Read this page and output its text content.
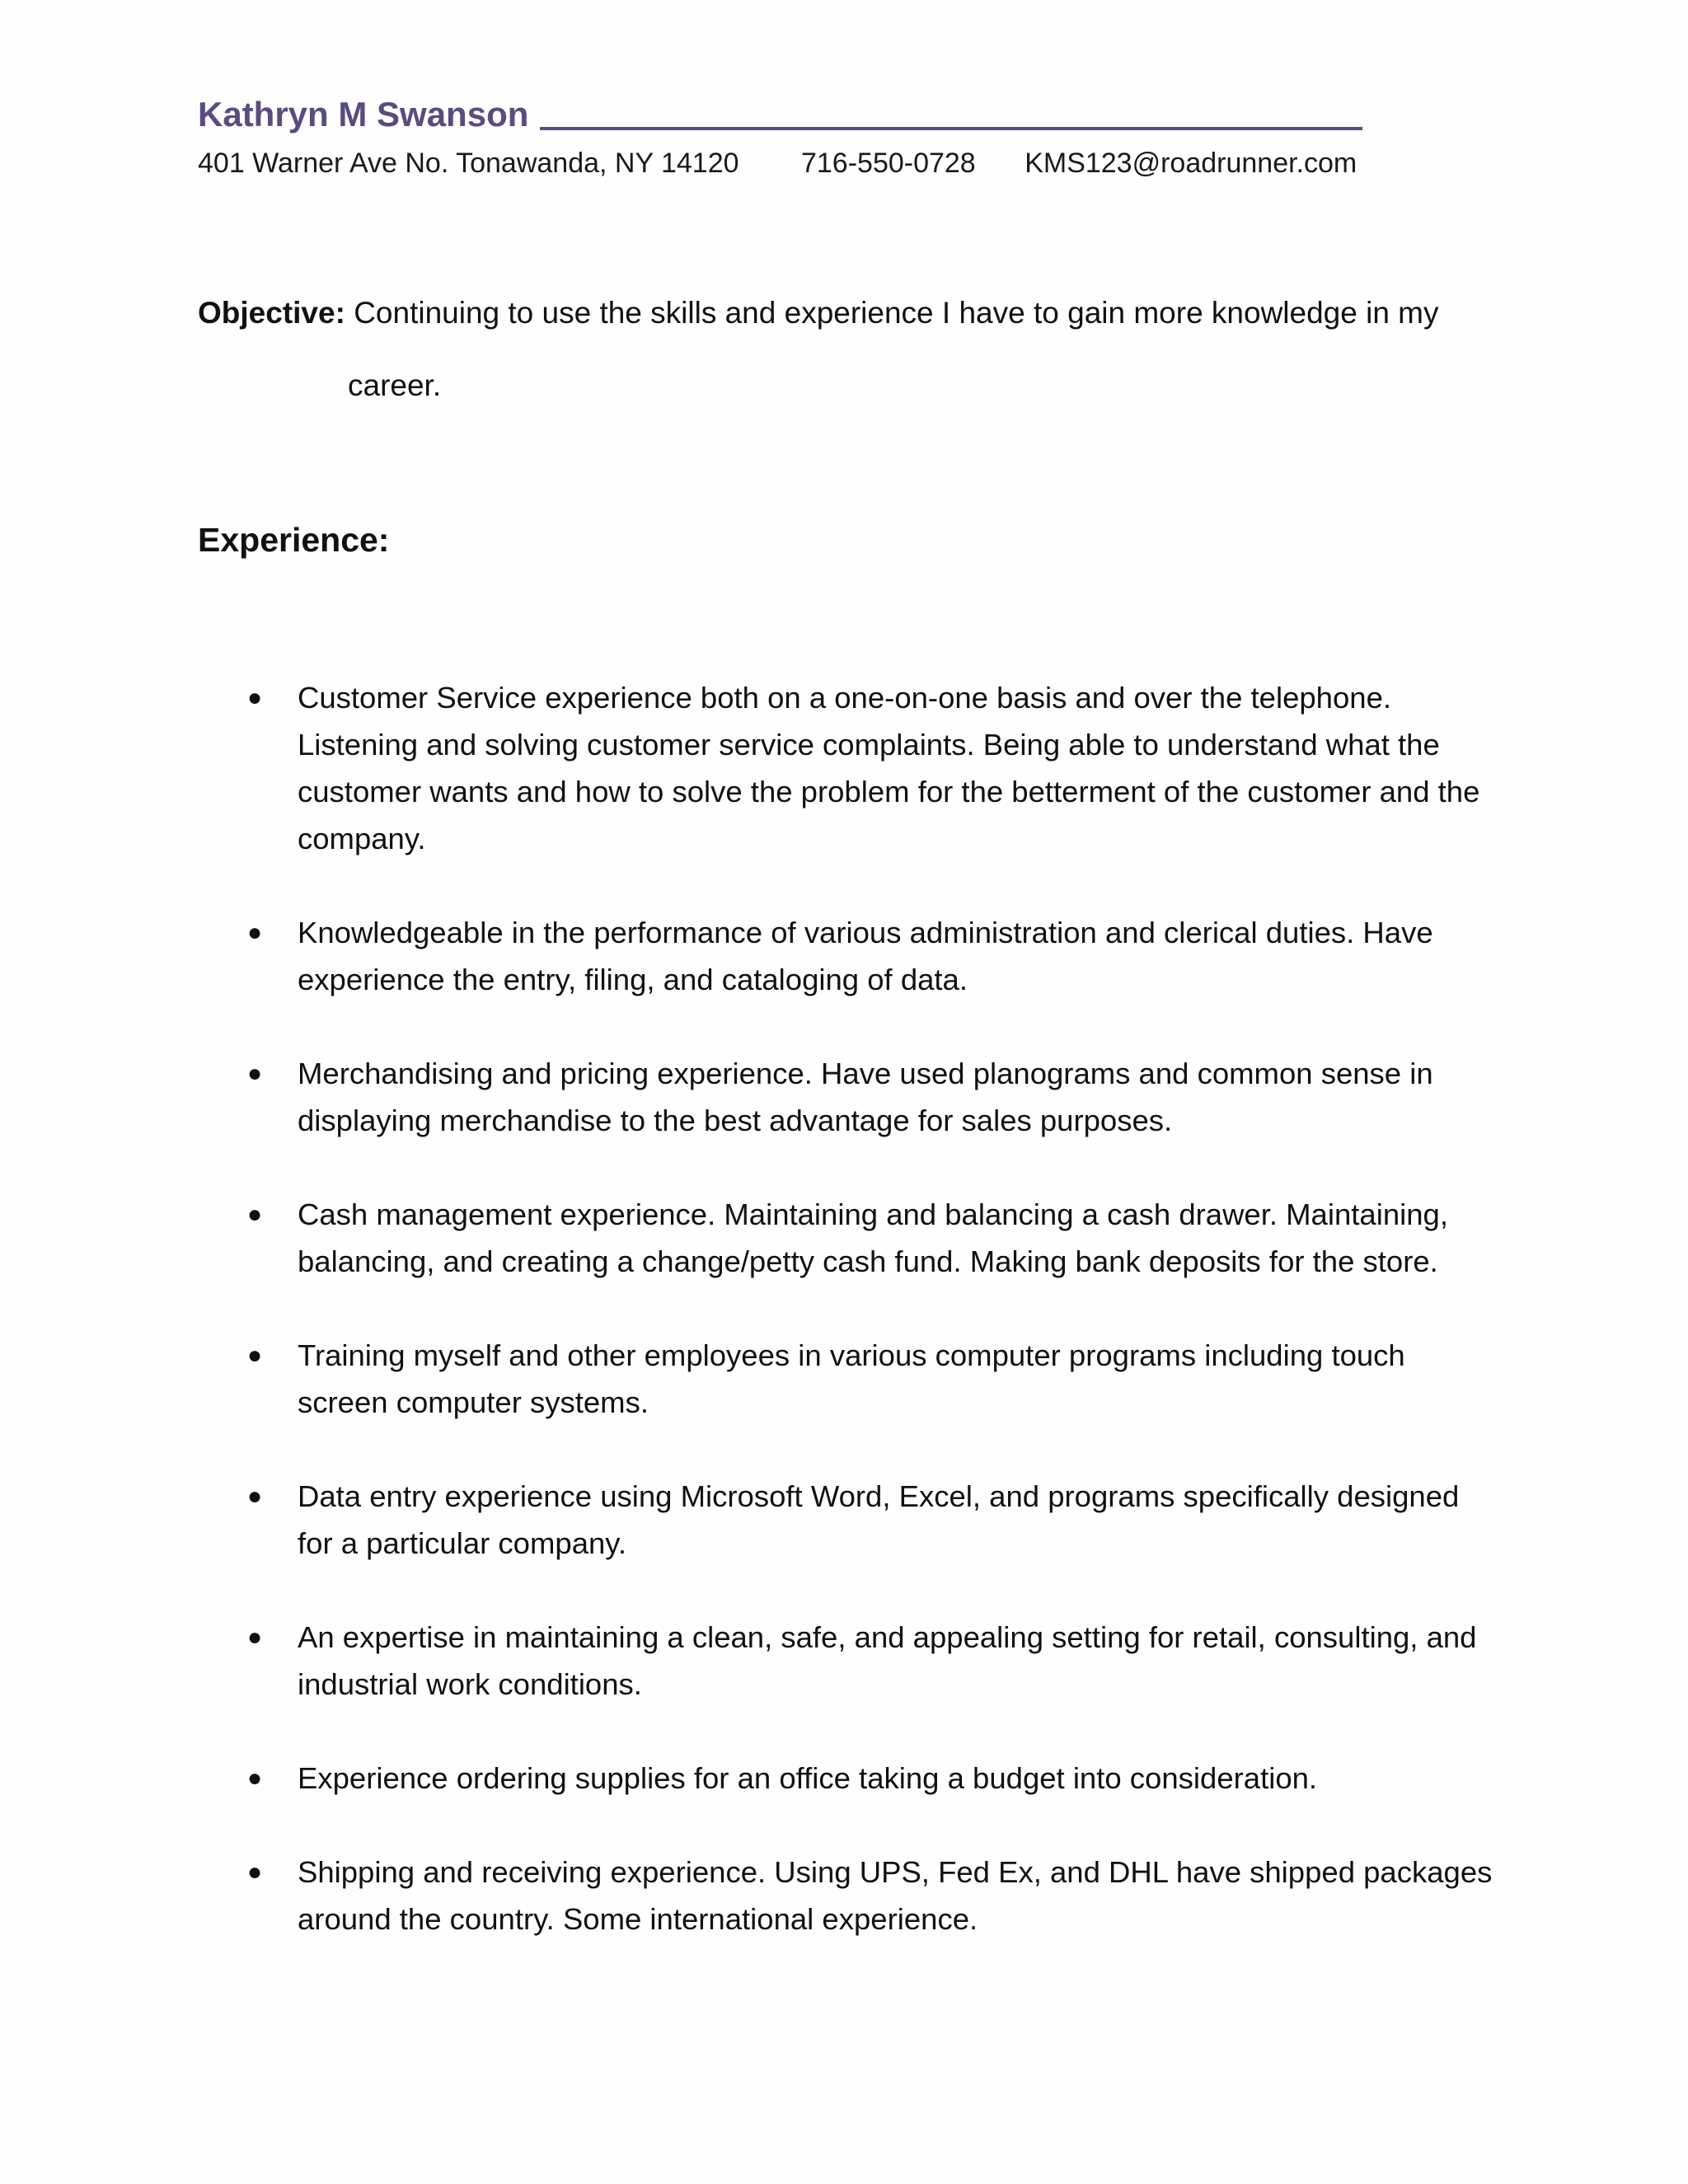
Kathryn M Swanson
401 Warner Ave No. Tonawanda, NY 14120 716-550-0728 KMS123@roadrunner.com
Objective: Continuing to use the skills and experience I have to gain more knowledge in my
career.
Experience:
● Customer Service experience both on a one-on-one basis and over the telephone. Listening and solving customer service complaints. Being able to understand what the customer wants and how to solve the problem for the betterment of the customer and the company.
● Knowledgeable in the performance of various administration and clerical duties. Have experience the entry, filing, and cataloging of data.
● Merchandising and pricing experience. Have used planograms and common sense in displaying merchandise to the best advantage for sales purposes.
● Cash management experience. Maintaining and balancing a cash drawer. Maintaining, balancing, and creating a change/petty cash fund. Making bank deposits for the store.
● Training myself and other employees in various computer programs including touch screen computer systems.
● Data entry experience using Microsoft Word, Excel, and programs specifically designed for a particular company.
● An expertise in maintaining a clean, safe, and appealing setting for retail, consulting, and industrial work conditions.
● Experience ordering supplies for an office taking a budget into consideration.
● Shipping and receiving experience. Using UPS, Fed Ex, and DHL have shipped packages around the country. Some international experience.
